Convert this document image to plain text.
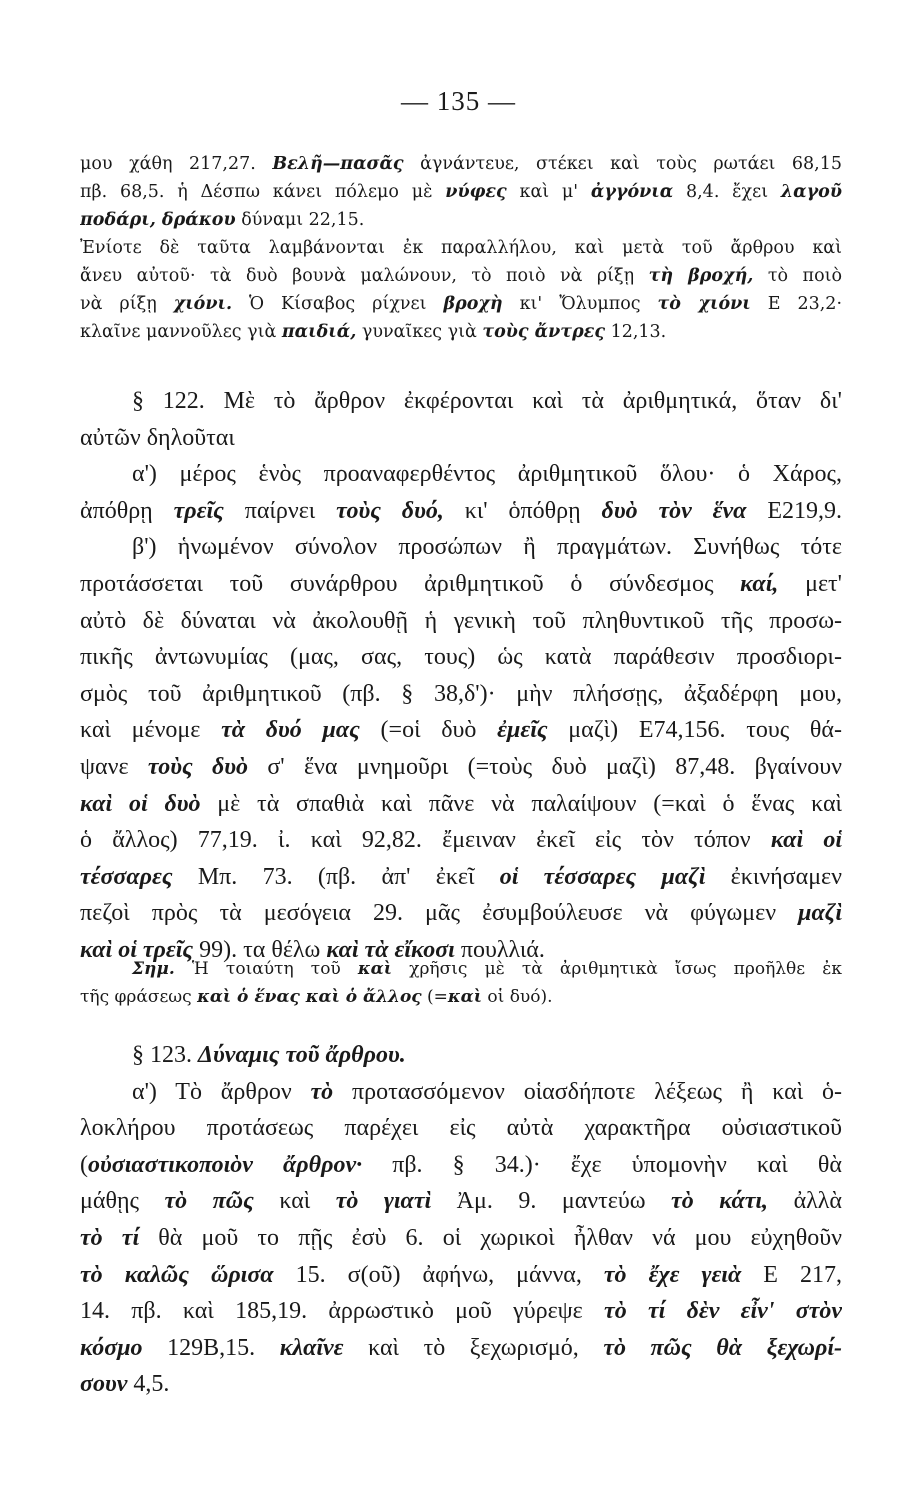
— 135 —
μου χάθη 217,27. Βελῆ—πασᾶς ἀγνάντευε, στέκει καὶ τοὺς ρωτάει 68,15
πβ. 68,5. ἡ Δέσπω κάνει πόλεμο μὲ νύφες καὶ μ' ἀγγόνια 8,4. ἔχει λαγοῦ
ποδάρι, δράκου δύναμι 22,15.
Ἐνίοτε δὲ ταῦτα λαμβάνονται ἐκ παραλλήλου, καὶ μετὰ τοῦ ἄρθρου καὶ
ἄνευ αὐτοῦ· τὰ δυὸ βουνὰ μαλώνουν, τὸ ποιὸ νὰ ρίξῃ τὴ βροχή, τὸ ποιὸ
νὰ ρίξῃ χιόνι. Ὁ Κίσαβος ρίχνει βροχὴ κι' Ὄλυμπος τὸ χιόνι Ε 23,2·
κλαῖνε μαννοῦλες γιὰ παιδιά, γυναῖκες γιὰ τοὺς ἄντρες 12,13.
§ 122. Μὲ τὸ ἄρθρον ἐκφέρονται καὶ τὰ ἀριθμητικά, ὅταν δι'
αὐτῶν δηλοῦται
α') μέρος ἑνὸς προαναφερθέντος ἀριθμητικοῦ ὅλου· ὁ Χάρος,
ἀπόθρῃ τρεῖς παίρνει τοὺς δυό, κι' ὁπόθρῃ δυὸ τὸν ἕνα Ε219,9.
β') ἡνωμένον σύνολον προσώπων ἢ πραγμάτων. Συνήθως τότε
προτάσσεται τοῦ συνάρθρου ἀριθμητικοῦ ὁ σύνδεσμος καί, μετ'
αὐτὸ δὲ δύναται νὰ ἀκολουθῇ ἡ γενικὴ τοῦ πληθυντικοῦ τῆς προσω-
πικῆς ἀντωνυμίας (μας, σας, τους) ὡς κατὰ παράθεσιν προσδιορι-
σμὸς τοῦ ἀριθμητικοῦ (πβ. § 38,δ')· μὴν πλήσσῃς, ἀξαδέρφη μου,
καὶ μένομε τὰ δυό μας (=οἱ δυὸ ἐμεῖς μαζὶ) Ε74,156. τους θά-
ψανε τοὺς δυὸ σ' ἕνα μνημοῦρι (=τοὺς δυὸ μαζὶ) 87,48. βγαίνουν
καὶ οἱ δυὸ μὲ τὰ σπαθιὰ καὶ πᾶνε νὰ παλαίψουν (=καὶ ὁ ἕνας καὶ
ὁ ἄλλος) 77,19. ἰ. καὶ 92,82. ἔμειναν ἐκεῖ εἰς τὸν τόπον καὶ οἱ
τέσσαρες Μπ. 73. (πβ. ἀπ' ἐκεῖ οἱ τέσσαρες μαζὶ ἐκινήσαμεν
πεζοὶ πρὸς τὰ μεσόγεια 29. μᾶς ἐσυμβούλευσε νὰ φύγωμεν μαζὶ
καὶ οἱ τρεῖς 99). τα θέλω καὶ τὰ εἴκοσι πουλλιά.
Σημ. Ἡ τοιαύτη τοῦ καὶ χρῆσις μὲ τὰ ἀριθμητικὰ ἴσως προῆλθε ἐκ
τῆς φράσεως καὶ ὁ ἕνας καὶ ὁ ἄλλος (=καὶ οἱ δυό).
§ 123. Δύναμις τοῦ ἄρθρου.
α') Τὸ ἄρθρον τὸ προτασσόμενον οἱασδήποτε λέξεως ἢ καὶ ὁ-
λοκλήρου προτάσεως παρέχει εἰς αὐτὰ χαρακτῆρα οὐσιαστικοῦ
(οὐσιαστικοποιὸν ἄρθρον· πβ. § 34.)· ἔχε ὑπομονὴν καὶ θὰ
μάθῃς τὸ πῶς καὶ τὸ γιατὶ Ἀμ. 9. μαντεύω τὸ κάτι, ἀλλὰ
τὸ τί θὰ μοῦ το πῇς ἐσὺ 6. οἱ χωρικοὶ ἦλθαν νά μου εὐχηθοῦν
τὸ καλῶς ὥρισα 15. σ(οῦ) ἀφήνω, μάννα, τὸ ἔχε γειὰ Ε 217,
14. πβ. καὶ 185,19. ἀρρωστικὸ μοῦ γύρεψε τὸ τί δὲν εἶν' στὸν
κόσμο 129Β,15. κλαῖνε καὶ τὸ ξεχωρισμό, τὸ πῶς θὰ ξεχωρί-
σουν 4,5.
